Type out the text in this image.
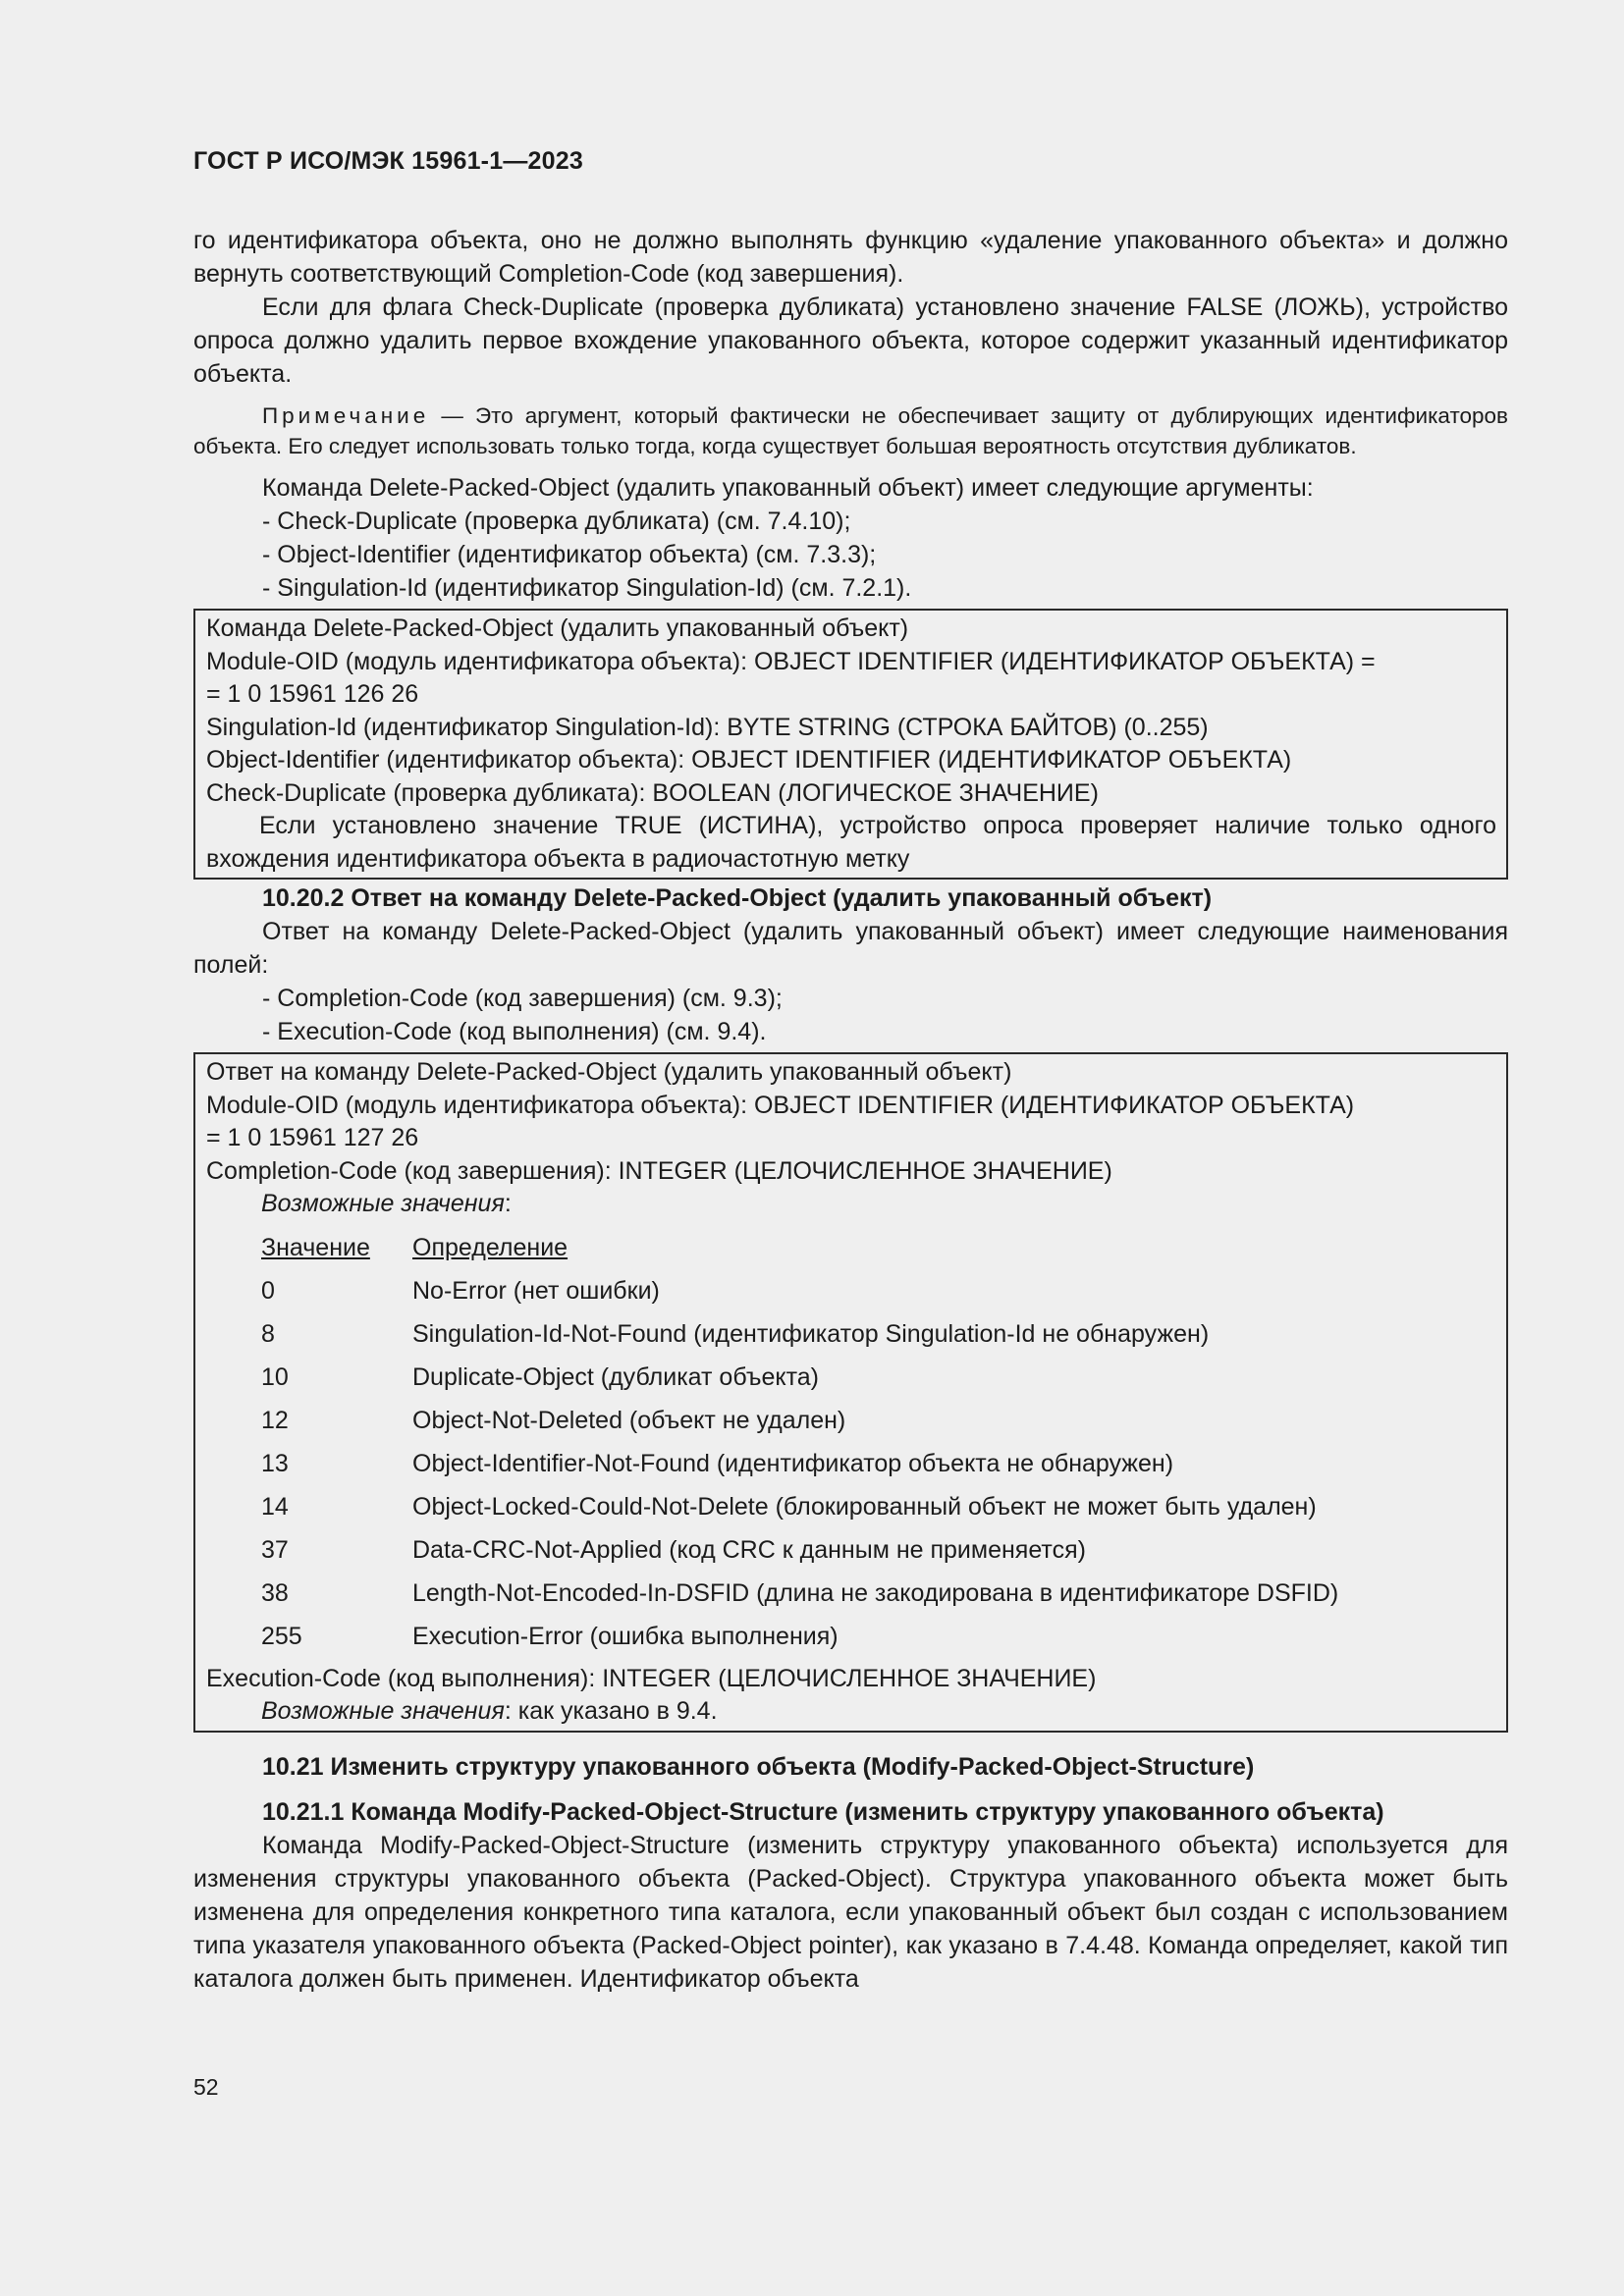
ГОСТ Р ИСО/МЭК 15961-1—2023

го идентификатора объекта, оно не должно выполнять функцию «удаление упакованного объекта» и должно вернуть соответствующий Completion-Code (код завершения).

Если для флага Check-Duplicate (проверка дубликата) установлено значение FALSE (ЛОЖЬ), устройство опроса должно удалить первое вхождение упакованного объекта, которое содержит указанный идентификатор объекта.

Примечание — Это аргумент, который фактически не обеспечивает защиту от дублирующих идентификаторов объекта. Его следует использовать только тогда, когда существует большая вероятность отсутствия дубликатов.

Команда Delete-Packed-Object (удалить упакованный объект) имеет следующие аргументы:

- Check-Duplicate (проверка дубликата) (см. 7.4.10);

- Object-Identifier (идентификатор объекта) (см. 7.3.3);

- Singulation-Id (идентификатор Singulation-Id) (см. 7.2.1).

Команда Delete-Packed-Object (удалить упакованный объект)

Module-OID (модуль идентификатора объекта): OBJECT IDENTIFIER (ИДЕНТИФИКАТОР ОБЪЕКТА) =

= 1 0 15961 126 26

Singulation-Id (идентификатор Singulation-Id): BYTE STRING (СТРОКА БАЙТОВ) (0..255)

Object-Identifier (идентификатор объекта): OBJECT IDENTIFIER (ИДЕНТИФИКАТОР ОБЪЕКТА)

Check-Duplicate (проверка дубликата): BOOLEAN (ЛОГИЧЕСКОЕ ЗНАЧЕНИЕ)

Если установлено значение TRUE (ИСТИНА), устройство опроса проверяет наличие только одного вхождения идентификатора объекта в радиочастотную метку

10.20.2 Ответ на команду Delete-Packed-Object (удалить упакованный объект)

Ответ на команду Delete-Packed-Object (удалить упакованный объект) имеет следующие наименования полей:

- Completion-Code (код завершения) (см. 9.3);

- Execution-Code (код выполнения) (см. 9.4).

Ответ на команду Delete-Packed-Object (удалить упакованный объект)

Module-OID (модуль идентификатора объекта): OBJECT IDENTIFIER (ИДЕНТИФИКАТОР ОБЪЕКТА)

= 1 0 15961 127 26

Completion-Code (код завершения): INTEGER (ЦЕЛОЧИСЛЕННОЕ ЗНАЧЕНИЕ)

Возможные значения:

Значение	Определение
0	No-Error (нет ошибки)
8	Singulation-Id-Not-Found (идентификатор Singulation-Id не обнаружен)
10	Duplicate-Object (дубликат объекта)
12	Object-Not-Deleted (объект не удален)
13	Object-Identifier-Not-Found (идентификатор объекта не обнаружен)
14	Object-Locked-Could-Not-Delete (блокированный объект не может быть удален)
37	Data-CRC-Not-Applied (код CRC к данным не применяется)
38	Length-Not-Encoded-In-DSFID (длина не закодирована в идентификаторе DSFID)
255	Execution-Error (ошибка выполнения)

Execution-Code (код выполнения): INTEGER (ЦЕЛОЧИСЛЕННОЕ ЗНАЧЕНИЕ)

Возможные значения: как указано в 9.4.

10.21 Изменить структуру упакованного объекта (Modify-Packed-Object-Structure)

10.21.1 Команда Modify-Packed-Object-Structure (изменить структуру упакованного объекта)

Команда Modify-Packed-Object-Structure (изменить структуру упакованного объекта) используется для изменения структуры упакованного объекта (Packed-Object). Структура упакованного объекта может быть изменена для определения конкретного типа каталога, если упакованный объект был создан с использованием типа указателя упакованного объекта (Packed-Object pointer), как указано в 7.4.48. Команда определяет, какой тип каталога должен быть применен. Идентификатор объекта

52
